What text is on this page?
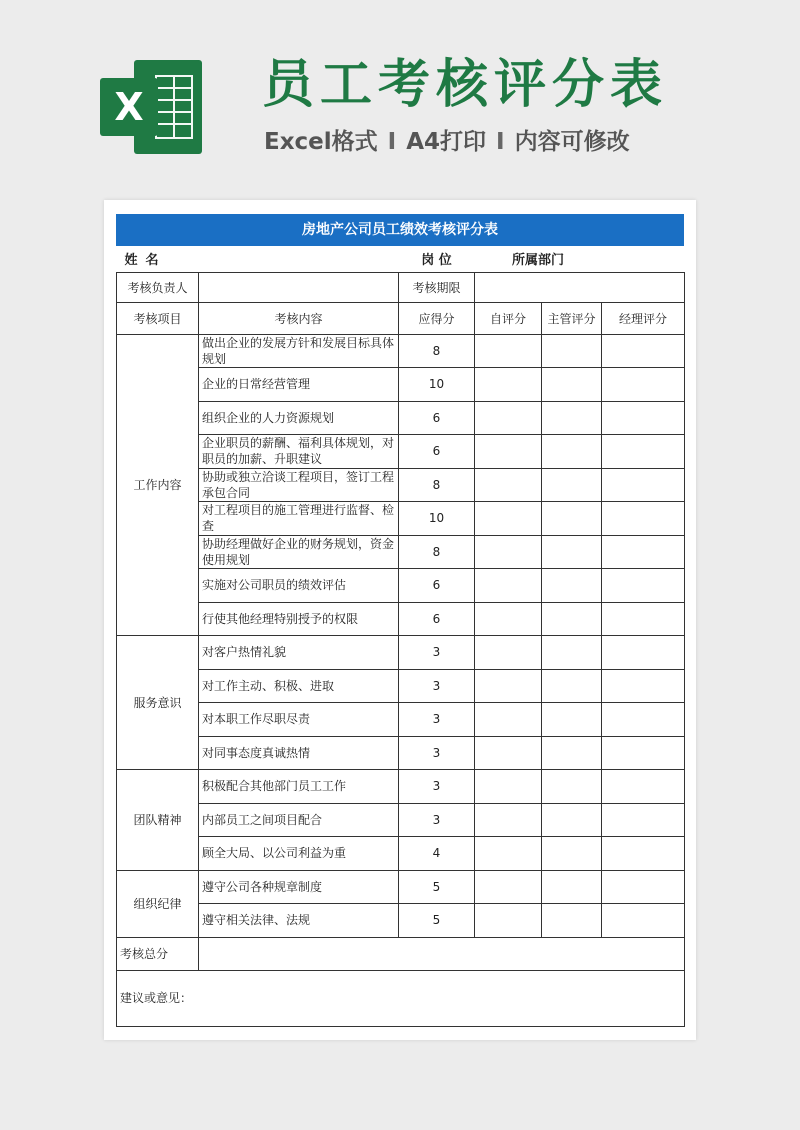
X 员工考核评分表
Excel格式 I A4打印 I 内容可修改
房地产公司员工绩效考核评分表
姓名		岗 位	所属部门		
考核负责人		考核期限			
考核项目	考核内容	应得分	自评分	主管评分	经理评分
工作内容	做出企业的发展方针和发展目标具体规划	8			
	企业的日常经营管理	10			
	组织企业的人力资源规划	6			
	企业职员的薪酬、福利具体规划，对职员的加薪、升职建议	6			
	协助或独立洽谈工程项目，签订工程承包合同	8			
	对工程项目的施工管理进行监督、检查	10			
	协助经理做好企业的财务规划，资金使用规划	8			
	实施对公司职员的绩效评估	6			
	行使其他经理特别授予的权限	6			
服务意识	对客户热情礼貌	3			
	对工作主动、积极、进取	3			
	对本职工作尽职尽责	3			
	对同事态度真诚热情	3			
团队精神	积极配合其他部门员工工作	3			
	内部员工之间项目配合	3			
	顾全大局、以公司利益为重	4			
组织纪律	遵守公司各种规章制度	5			
	遵守相关法律、法规	5			
考核总分					
建议或意见：					
